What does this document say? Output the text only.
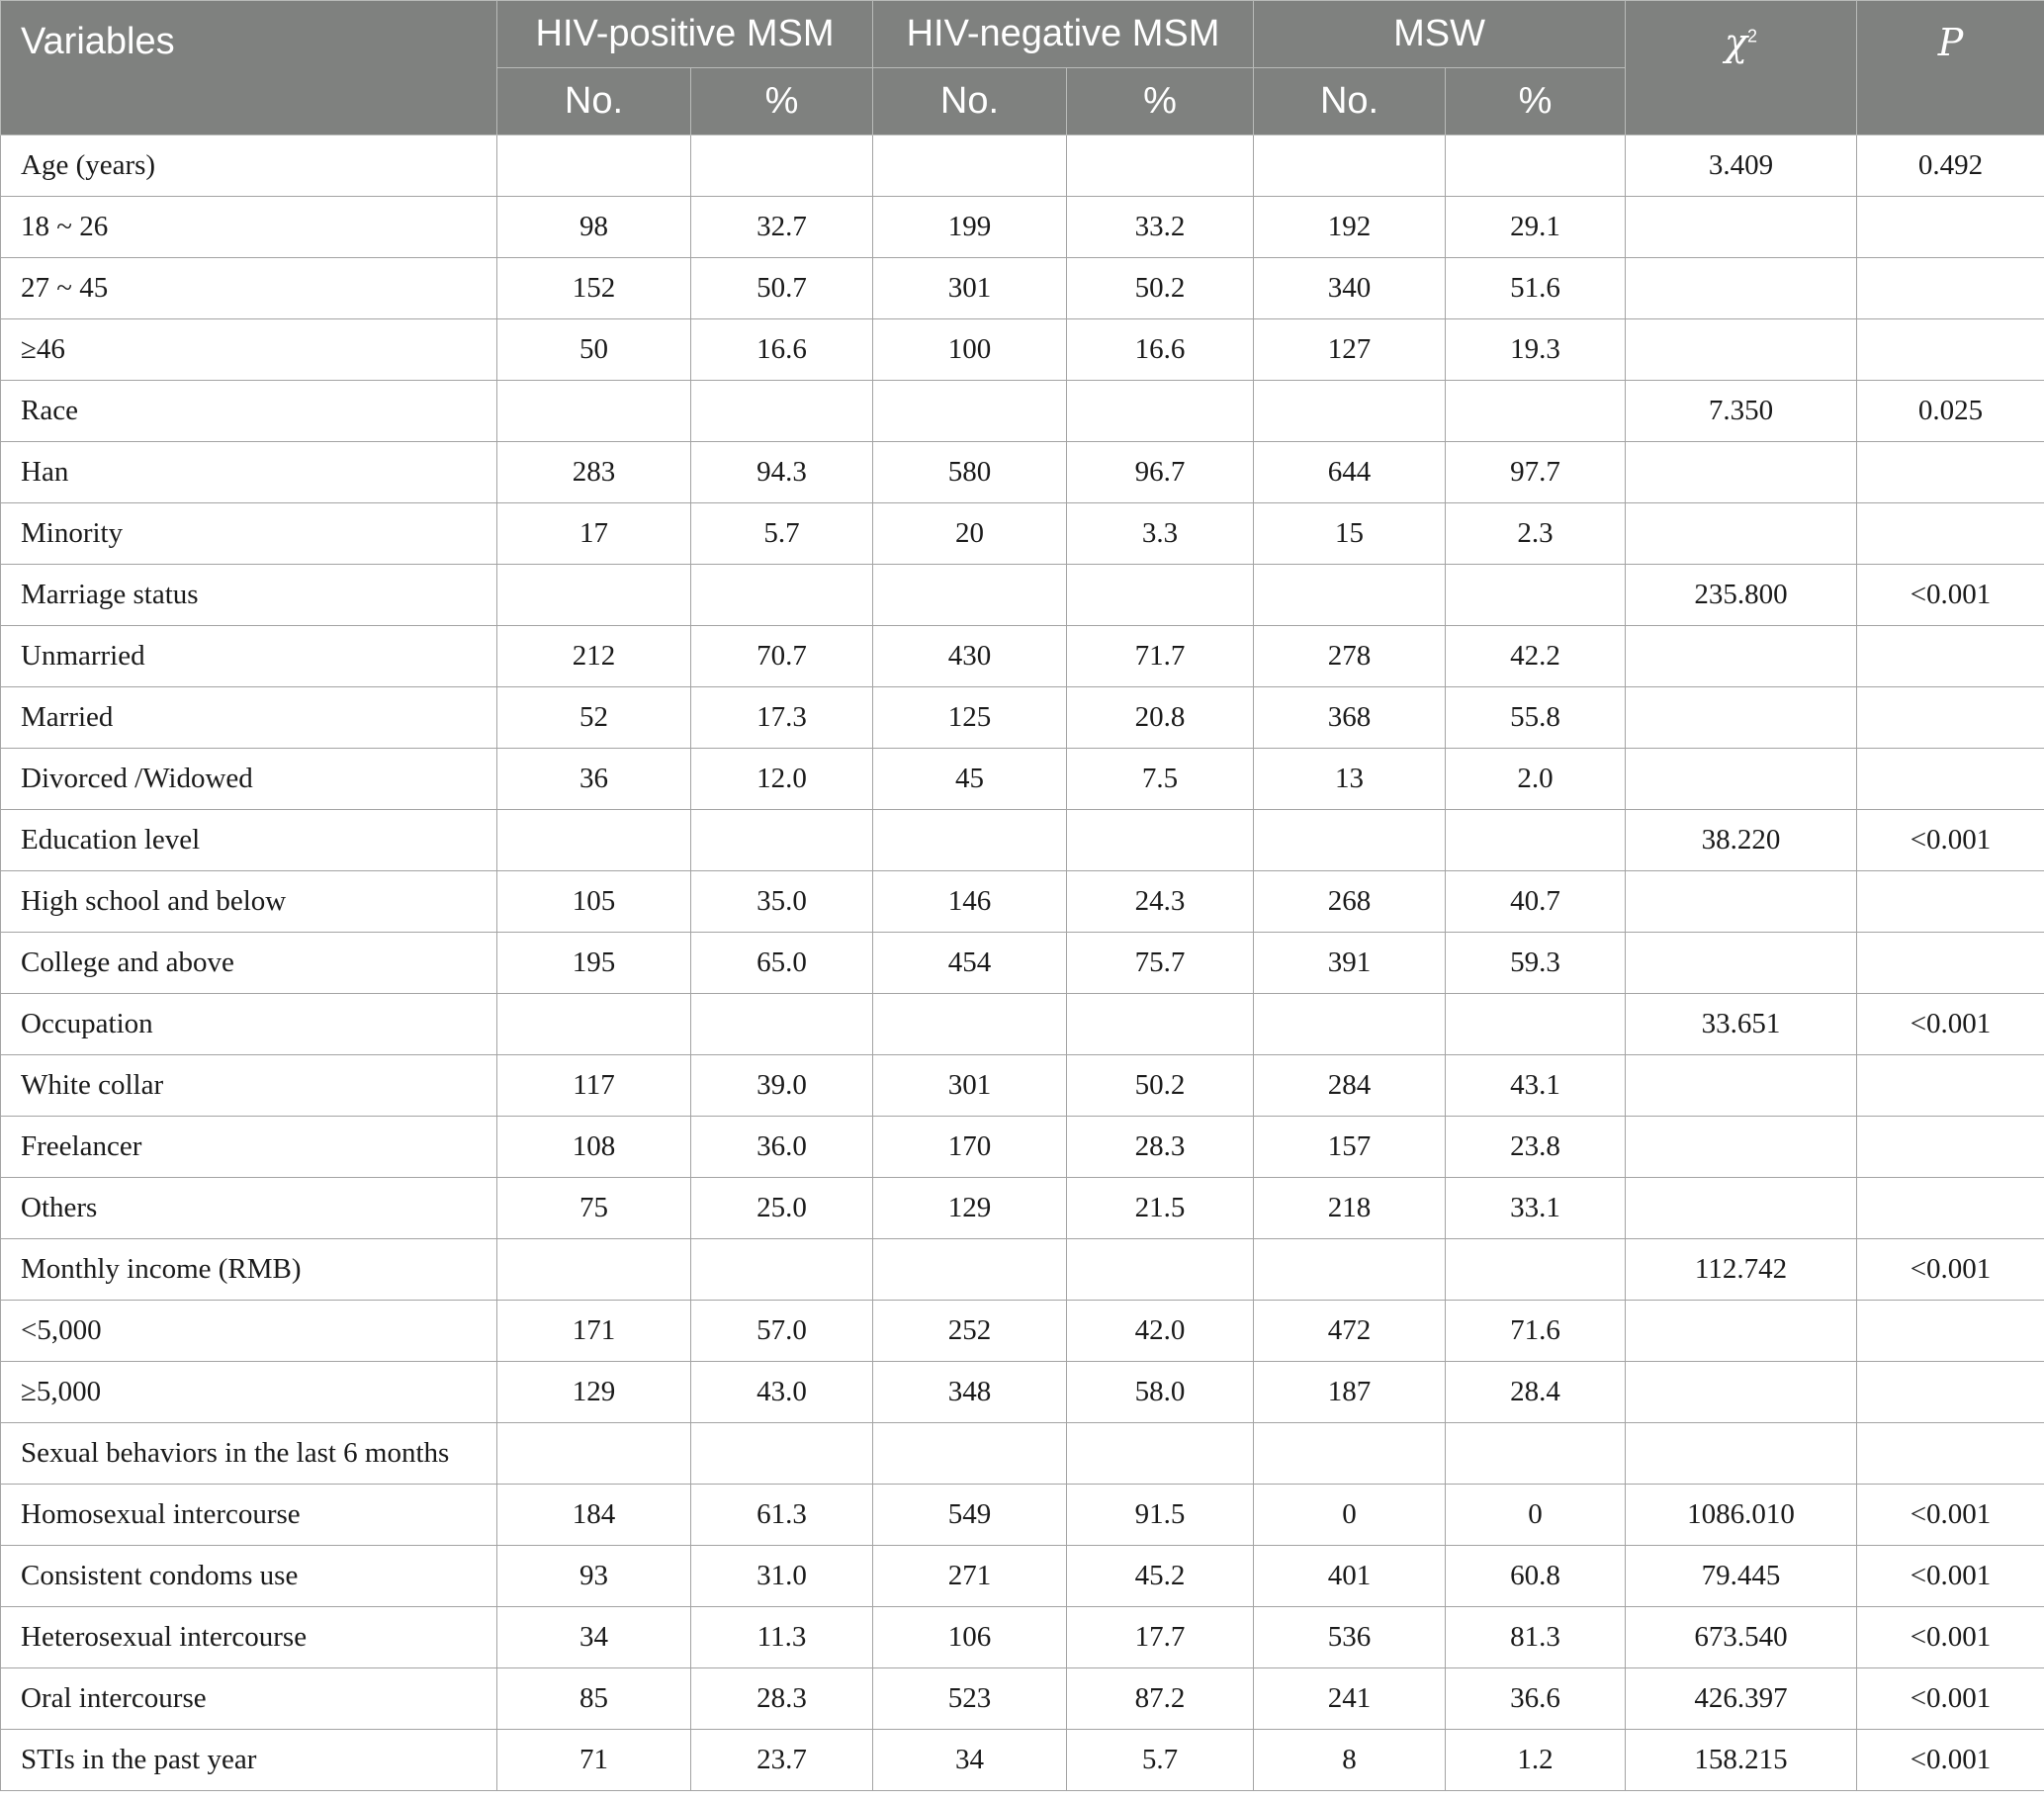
Variables	HIV-positive MSM		HIV-negative MSM		MSW		$\chi^2$	P
	No.	%	No.	%	No.	%		
Age (years)							3.409	0.492
18 ~ 26	98	32.7	199	33.2	192	29.1		
27 ~ 45	152	50.7	301	50.2	340	51.6		
≥46	50	16.6	100	16.6	127	19.3		
Race							7.350	0.025
Han	283	94.3	580	96.7	644	97.7		
Minority	17	5.7	20	3.3	15	2.3		
Marriage status							235.800	<0.001
Unmarried	212	70.7	430	71.7	278	42.2		
Married	52	17.3	125	20.8	368	55.8		
Divorced /Widowed	36	12.0	45	7.5	13	2.0		
Education level							38.220	<0.001
High school and below	105	35.0	146	24.3	268	40.7		
College and above	195	65.0	454	75.7	391	59.3		
Occupation							33.651	<0.001
White collar	117	39.0	301	50.2	284	43.1		
Freelancer	108	36.0	170	28.3	157	23.8		
Others	75	25.0	129	21.5	218	33.1		
Monthly income (RMB)							112.742	<0.001
<5,000	171	57.0	252	42.0	472	71.6		
≥5,000	129	43.0	348	58.0	187	28.4		
Sexual behaviors in the last 6 months								
Homosexual intercourse	184	61.3	549	91.5	0	0	1086.010	<0.001
Consistent condoms use	93	31.0	271	45.2	401	60.8	79.445	<0.001
Heterosexual intercourse	34	11.3	106	17.7	536	81.3	673.540	<0.001
Oral intercourse	85	28.3	523	87.2	241	36.6	426.397	<0.001
STIs in the past year	71	23.7	34	5.7	8	1.2	158.215	<0.001
